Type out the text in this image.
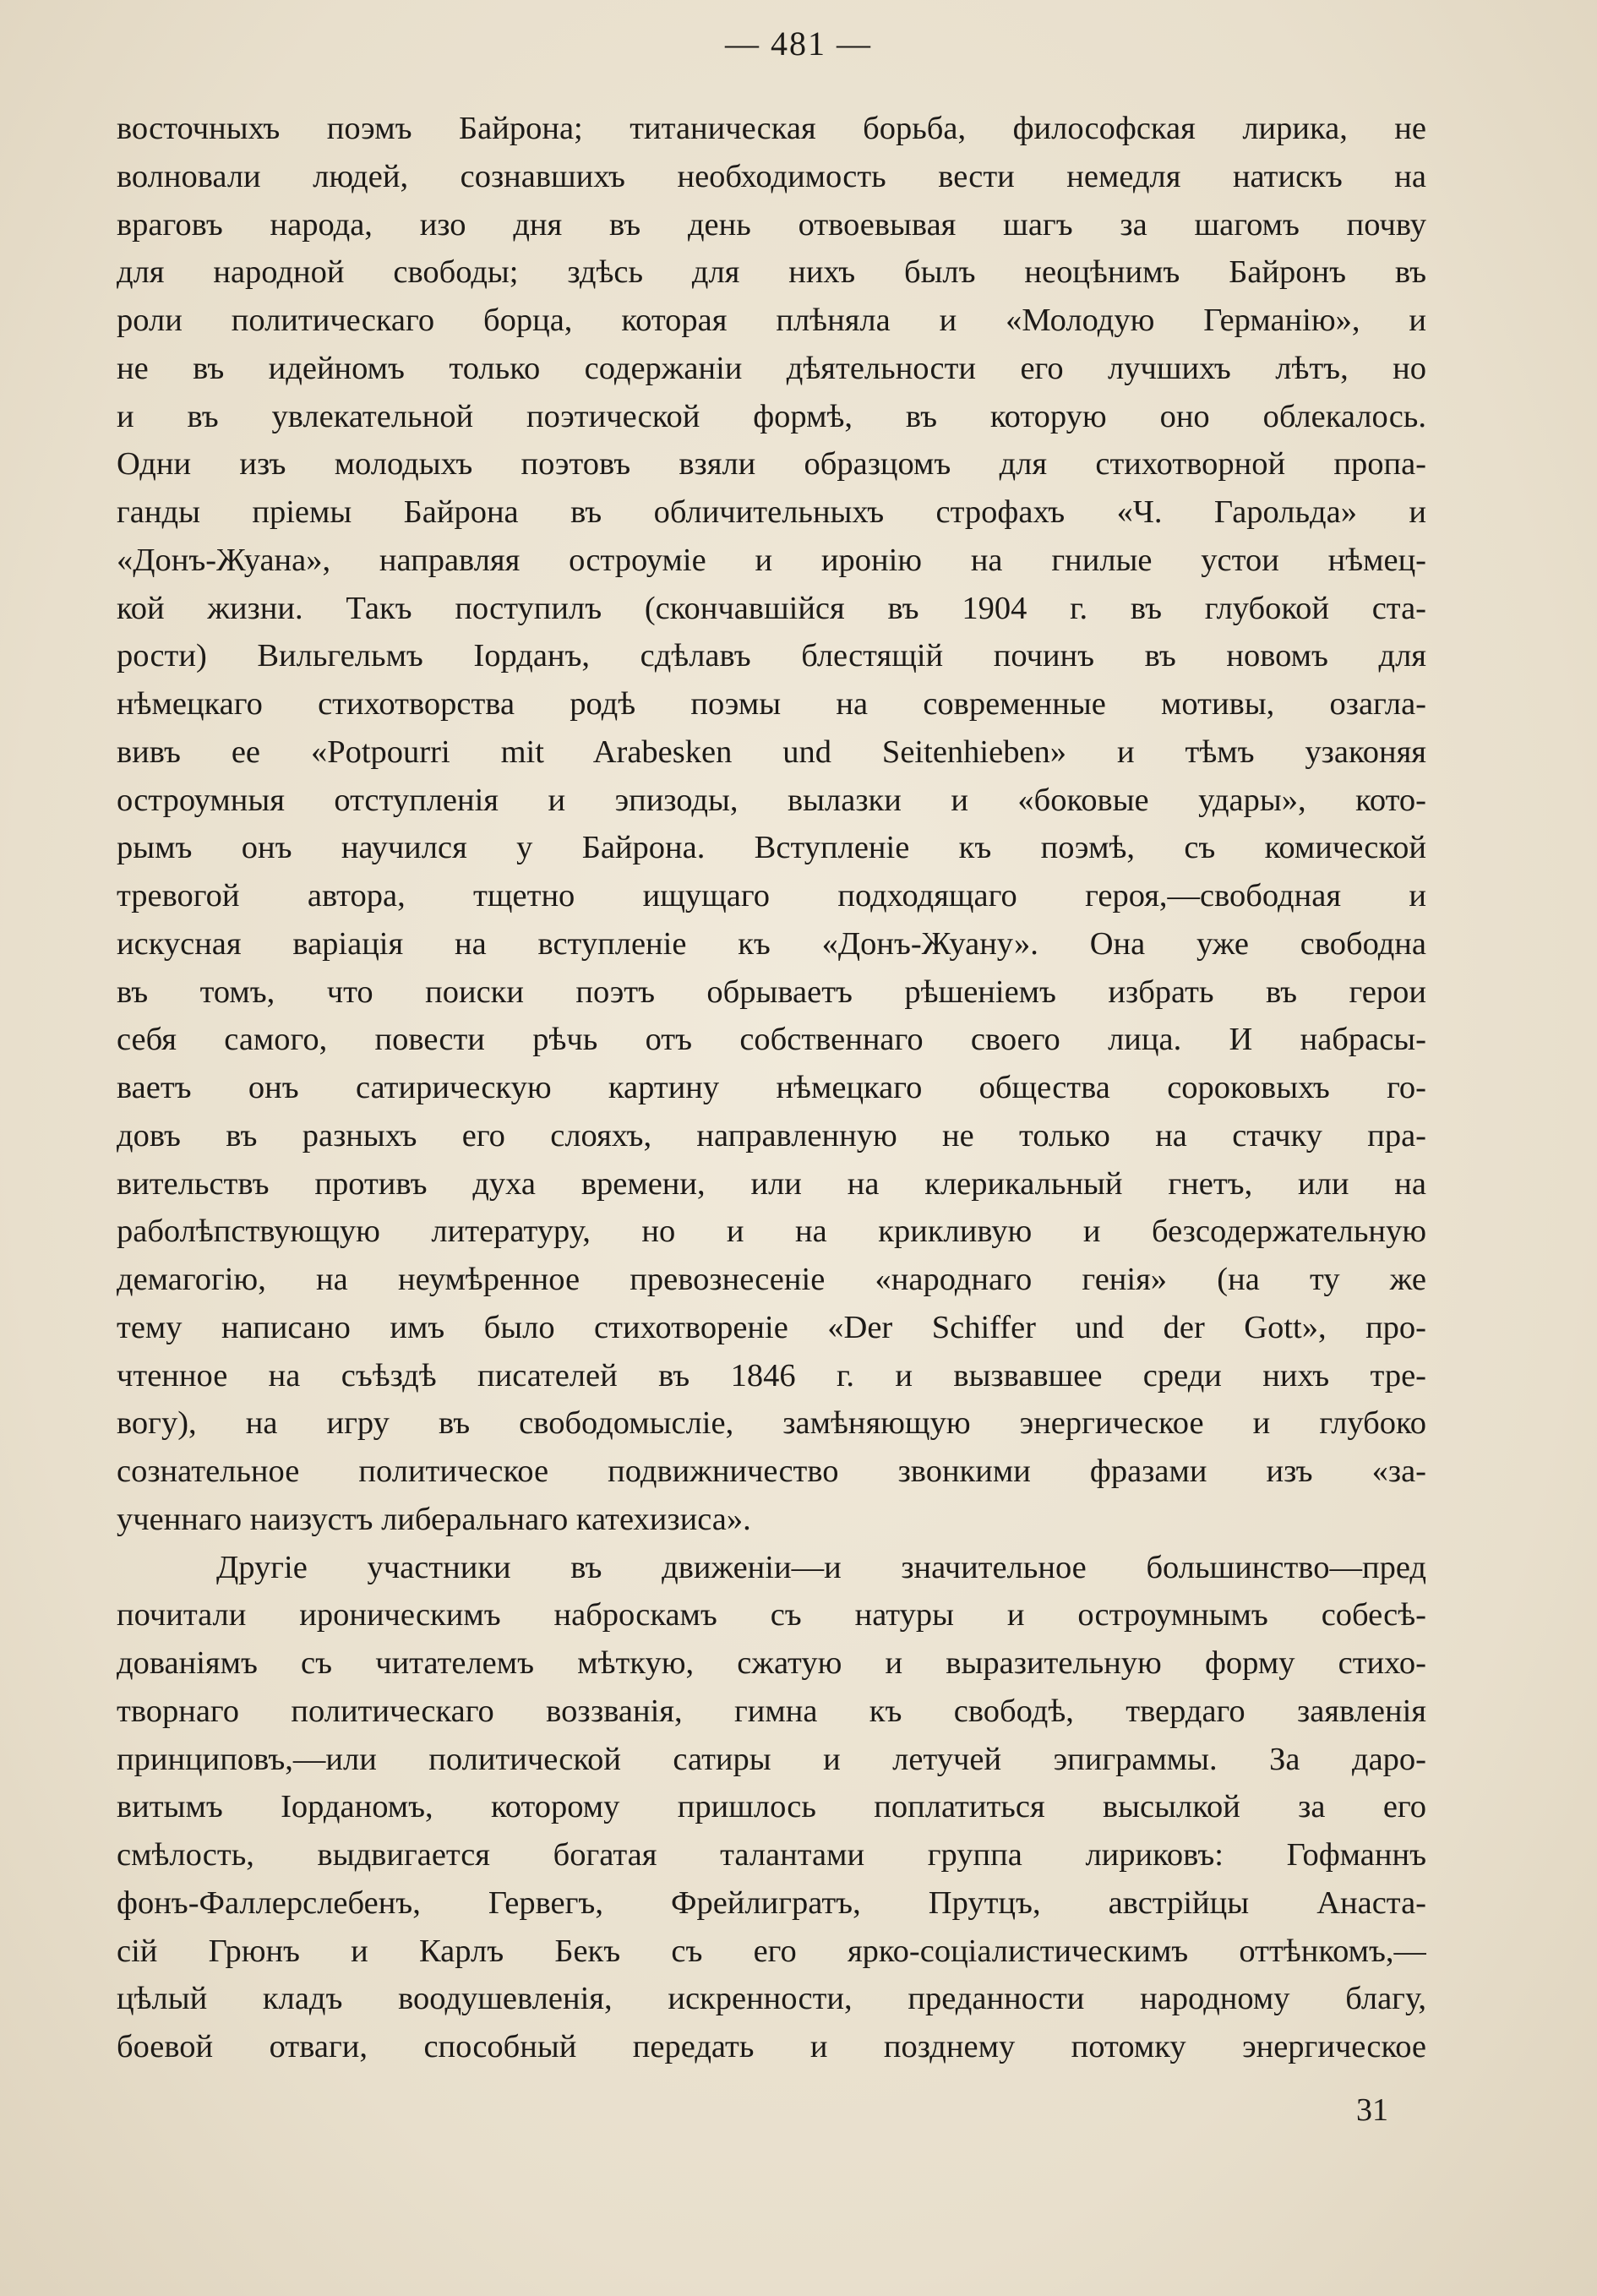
— 481 —
восточныхъ поэмъ Байрона; титаническая борьба, философская лирика, не
волновали людей, сознавшихъ необходимость вести немедля натискъ на
враговъ народа, изо дня въ день отвоевывая шагъ за шагомъ почву
для народной свободы; здѣсь для нихъ былъ неоцѣнимъ Байронъ въ
роли политическаго борца, которая плѣняла и «Молодую Германію», и
не въ идейномъ только содержаніи дѣятельности его лучшихъ лѣтъ, но
и въ увлекательной поэтической формѣ, въ которую оно облекалось.
Одни изъ молодыхъ поэтовъ взяли образцомъ для стихотворной пропа-
ганды пріемы Байрона въ обличительныхъ строфахъ «Ч. Гарольда» и
«Донъ-Жуана», направляя остроуміе и иронію на гнилые устои нѣмец-
кой жизни. Такъ поступилъ (скончавшійся въ 1904 г. въ глубокой ста-
рости) Вильгельмъ Іорданъ, сдѣлавъ блестящій починъ въ новомъ для
нѣмецкаго стихотворства родѣ поэмы на современные мотивы, озагла-
вивъ ее «Potpourri mit Arabesken und Seitenhieben» и тѣмъ узаконяя
остроумныя отступленія и эпизоды, вылазки и «боковые удары», кото-
рымъ онъ научился у Байрона. Вступленіе къ поэмѣ, съ комической
тревогой автора, тщетно ищущаго подходящаго героя,—свободная и
искусная варіація на вступленіе къ «Донъ-Жуану». Она уже свободна
въ томъ, что поиски поэтъ обрываетъ рѣшеніемъ избрать въ герои
себя самого, повести рѣчь отъ собственнаго своего лица. И набрасы-
ваетъ онъ сатирическую картину нѣмецкаго общества сороковыхъ го-
довъ въ разныхъ его слояхъ, направленную не только на стачку пра-
вительствъ противъ духа времени, или на клерикальный гнетъ, или на
раболѣпствующую литературу, но и на крикливую и безсодержательную
демагогію, на неумѣренное превознесеніе «народнаго генія» (на ту же
тему написано имъ было стихотвореніе «Der Schiffer und der Gott», про-
чтенное на съѣздѣ писателей въ 1846 г. и вызвавшее среди нихъ тре-
вогу), на игру въ свободомысліе, замѣняющую энергическое и глубоко
сознательное политическое подвижничество звонкими фразами изъ «за-
ученнаго наизустъ либеральнаго катехизиса».
Другіе участники въ движеніи—и значительное большинство—пред
почитали ироническимъ наброскамъ съ натуры и остроумнымъ собесѣ-
дованіямъ съ читателемъ мѣткую, сжатую и выразительную форму стихо-
творнаго политическаго воззванія, гимна къ свободѣ, твердаго заявленія
принциповъ,—или политической сатиры и летучей эпиграммы. За даро-
витымъ Іорданомъ, которому пришлось поплатиться высылкой за его
смѣлость, выдвигается богатая талантами группа лириковъ: Гофманнъ
фонъ-Фаллерслебенъ, Гервегъ, Фрейлигратъ, Прутцъ, австрійцы Анаста-
сій Грюнъ и Карлъ Бекъ съ его ярко-соціалистическимъ оттѣнкомъ,—
цѣлый кладъ воодушевленія, искренности, преданности народному благу,
боевой отваги, способный передать и позднему потомку энергическое
31
